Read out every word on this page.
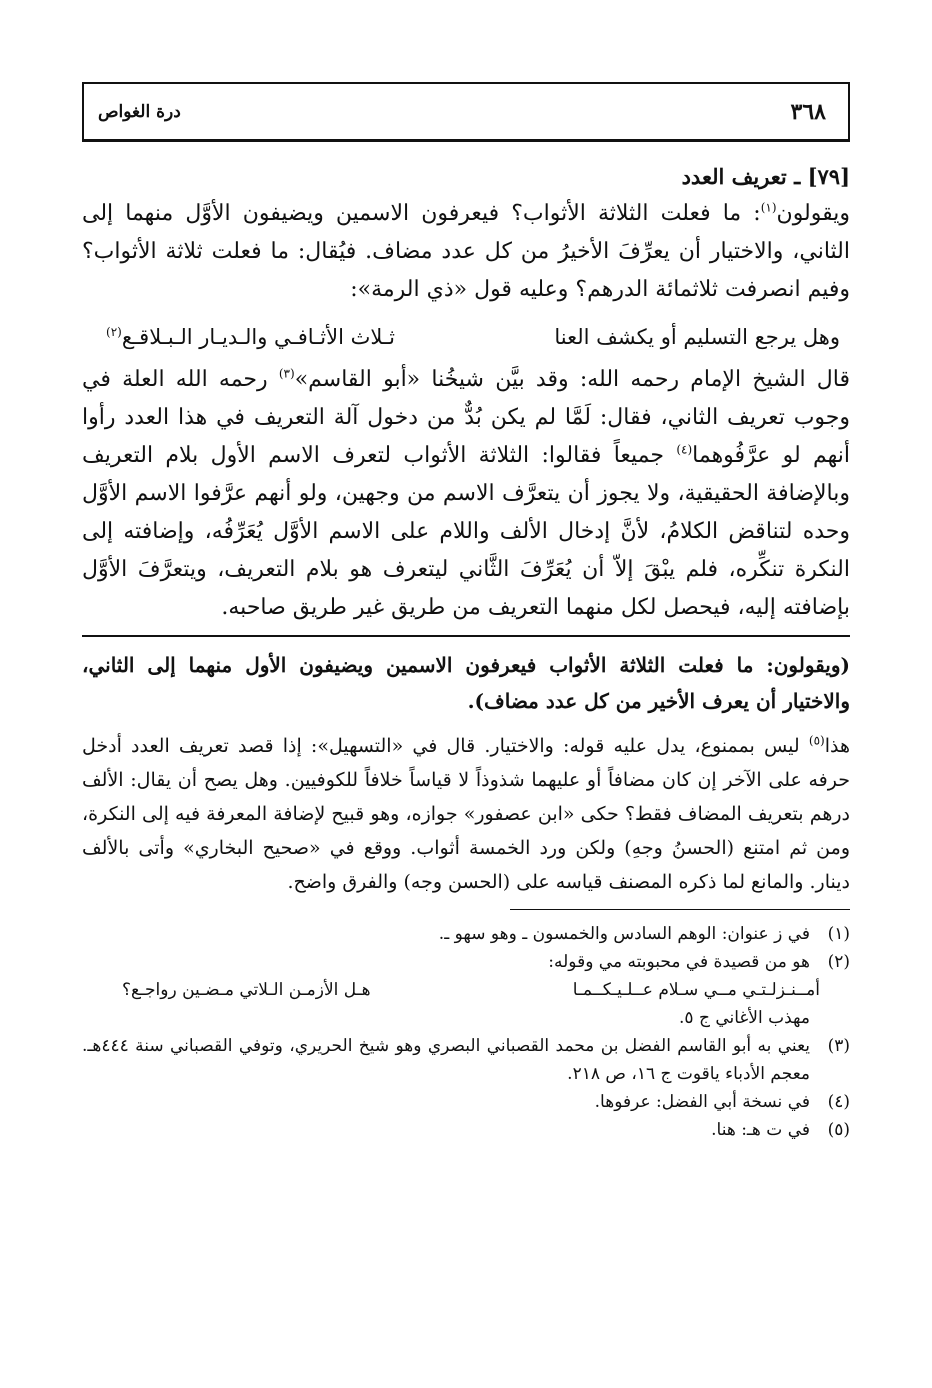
٣٦٨
درة الغواص
[٧٩] ـ تعريف العدد

ويقولون$^{(١)}$: ما فعلت الثلاثة الأثواب؟ فيعرفون الاسمين ويضيفون الأوَّل منهما إلى الثاني، والاختيار أن يعرِّفَ الأخيرُ من كل عدد مضاف. فيُقال: ما فعلت ثلاثة الأثواب؟ وفيم انصرفت ثلاثمائة الدرهم؟ وعليه قول «ذي الرمة»:

وهل يرجع التسليم أو يكشف العنا
ثـلاث الأثـافـي والـديـار الـبـلاقـع$^{(٢)}$

قال الشيخ الإمام رحمه الله: وقد بيَّن شيخُنا «أبو القاسم»$^{(٣)}$ رحمه الله العلة في وجوب تعريف الثاني، فقال: لَمَّا لم يكن بُدٌّ من دخول آلة التعريف في هذا العدد رأوا أنهم لو عرَّفُوهما$^{(٤)}$ جميعاً فقالوا: الثلاثة الأثواب لتعرف الاسم الأول بلام التعريف وبالإضافة الحقيقية، ولا يجوز أن يتعرَّف الاسم من وجهين، ولو أنهم عرَّفوا الاسم الأوَّل وحده لتناقض الكلامُ، لأنَّ إدخال الألف واللام على الاسم الأوَّل يُعَرِّفُه، وإضافته إلى النكرة تنكِّره، فلم يبْقَ إلاّ أن يُعَرِّفَ الثَّاني ليتعرف هو بلام التعريف، ويتعرَّفَ الأوَّل بإضافته إليه، فيحصل لكل منهما التعريف من طريق غير طريق صاحبه.

(ويقولون: ما فعلت الثلاثة الأثواب فيعرفون الاسمين ويضيفون الأول منهما إلى الثاني، والاختيار أن يعرف الأخير من كل عدد مضاف).

هذا$^{(٥)}$ ليس بممنوع، يدل عليه قوله: والاختيار. قال في «التسهيل»: إذا قصد تعريف العدد أدخل حرفه على الآخر إن كان مضافاً أو عليهما شذوذاً لا قياساً خلافاً للكوفيين. وهل يصح أن يقال: الألف درهم بتعريف المضاف فقط؟ حكى «ابن عصفور» جوازه، وهو قبيح لإضافة المعرفة فيه إلى النكرة، ومن ثم امتنع (الحسنُ وجهِ) ولكن ورد الخمسة أثواب. ووقع في «صحيح البخاري» وأتى بالألف دينار. والمانع لما ذكره المصنف قياسه على (الحسن وجه) والفرق واضح.

(١)
في ز عنوان: الوهم السادس والخمسون ـ وهو سهو ـ.
(٢)
هو من قصيدة في محبوبته مي وقوله:
أمــنـزلـتـي مــي سـلام عــلـيـكــمـا
هـل الأزمـن الـلاتي مـضـين رواجـع؟
مهذب الأغاني ج ٥.
(٣)
يعني به أبو القاسم الفضل بن محمد القصباني البصري وهو شيخ الحريري، وتوفي القصباني سنة ٤٤٤هـ. معجم الأدباء ياقوت ج ١٦، ص ٢١٨.
(٤)
في نسخة أبي الفضل: عرفوها.
(٥)
في ت هـ: هنا.
